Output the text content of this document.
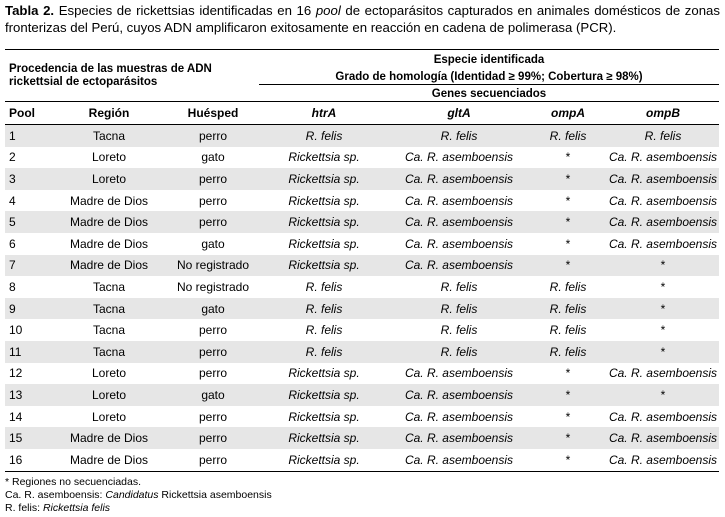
Tabla 2. Especies de rickettsias identificadas en 16 pool de ectoparásitos capturados en animales domésticos de zonas fronterizas del Perú, cuyos ADN amplificaron exitosamente en reacción en cadena de polimerasa (PCR).
Procedencia de las muestras de ADN
rickettsial de ectoparásitos			Especie identificada			
			Grado de homología (Identidad ≥ 99%; Cobertura ≥ 98%)			
			Genes secuenciados			
Pool	Región	Huésped	htrA	gltA	ompA	ompB
1	Tacna	perro	R. felis	R. felis	R. felis	R. felis
2	Loreto	gato	Rickettsia sp.	Ca. R. asemboensis	*	Ca. R. asemboensis
3	Loreto	perro	Rickettsia sp.	Ca. R. asemboensis	*	Ca. R. asemboensis
4	Madre de Dios	perro	Rickettsia sp.	Ca. R. asemboensis	*	Ca. R. asemboensis
5	Madre de Dios	perro	Rickettsia sp.	Ca. R. asemboensis	*	Ca. R. asemboensis
6	Madre de Dios	gato	Rickettsia sp.	Ca. R. asemboensis	*	Ca. R. asemboensis
7	Madre de Dios	No registrado	Rickettsia sp.	Ca. R. asemboensis	*	*
8	Tacna	No registrado	R. felis	R. felis	R. felis	*
9	Tacna	gato	R. felis	R. felis	R. felis	*
10	Tacna	perro	R. felis	R. felis	R. felis	*
11	Tacna	perro	R. felis	R. felis	R. felis	*
12	Loreto	perro	Rickettsia sp.	Ca. R. asemboensis	*	Ca. R. asemboensis
13	Loreto	gato	Rickettsia sp.	Ca. R. asemboensis	*	*
14	Loreto	perro	Rickettsia sp.	Ca. R. asemboensis	*	Ca. R. asemboensis
15	Madre de Dios	perro	Rickettsia sp.	Ca. R. asemboensis	*	Ca. R. asemboensis
16	Madre de Dios	perro	Rickettsia sp.	Ca. R. asemboensis	*	Ca. R. asemboensis
* Regiones no secuenciadas.
Ca. R. asemboensis: Candidatus Rickettsia asemboensis
R. felis: Rickettsia felis
